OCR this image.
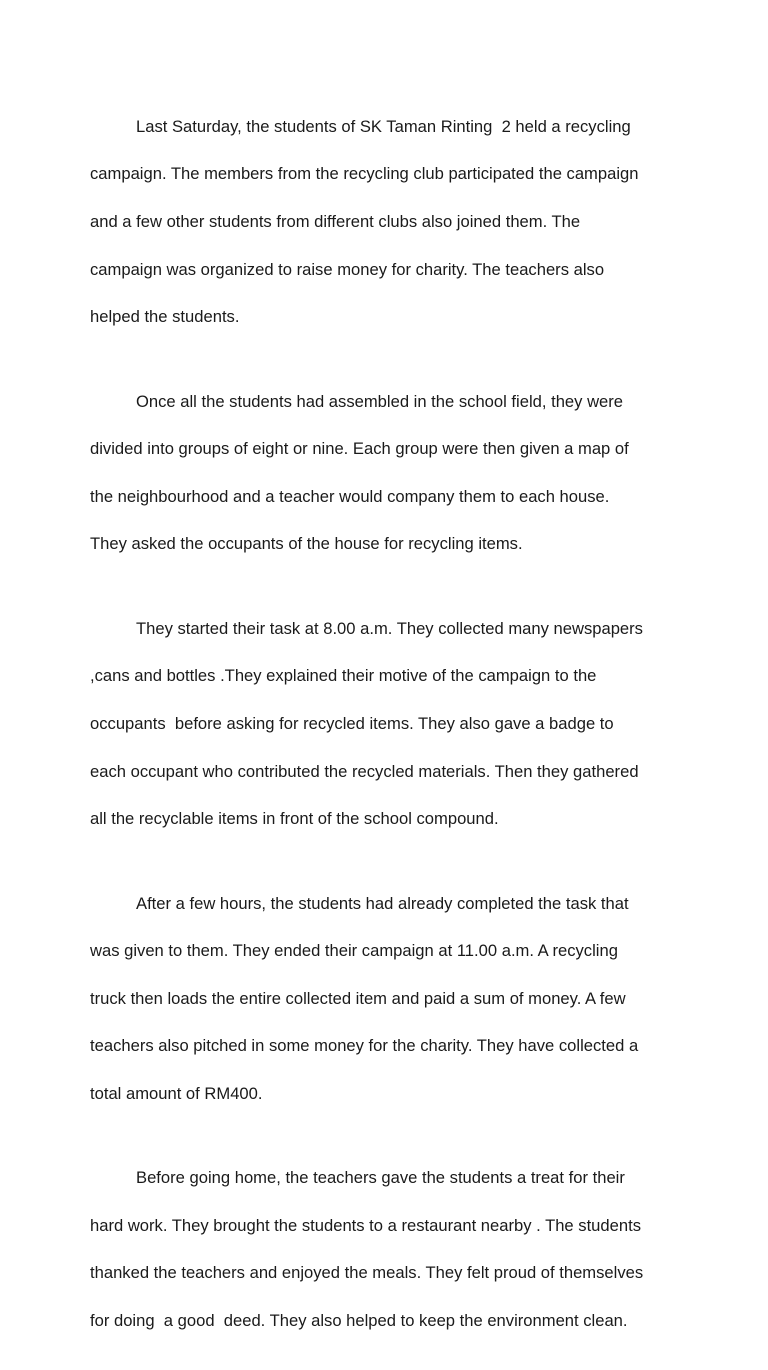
Last Saturday, the students of SK Taman Rinting  2 held a recycling

campaign. The members from the recycling club participated the campaign

and a few other students from different clubs also joined them. The

campaign was organized to raise money for charity. The teachers also

helped the students.

Once all the students had assembled in the school field, they were

divided into groups of eight or nine. Each group were then given a map of

the neighbourhood and a teacher would company them to each house.

They asked the occupants of the house for recycling items.

They started their task at 8.00 a.m. They collected many newspapers

,cans and bottles .They explained their motive of the campaign to the

occupants  before asking for recycled items. They also gave a badge to

each occupant who contributed the recycled materials. Then they gathered

all the recyclable items in front of the school compound.

After a few hours, the students had already completed the task that

was given to them. They ended their campaign at 11.00 a.m. A recycling

truck then loads the entire collected item and paid a sum of money. A few

teachers also pitched in some money for the charity. They have collected a

total amount of RM400.

Before going home, the teachers gave the students a treat for their

hard work. They brought the students to a restaurant nearby . The students

thanked the teachers and enjoyed the meals. They felt proud of themselves

for doing  a good  deed. They also helped to keep the environment clean.
